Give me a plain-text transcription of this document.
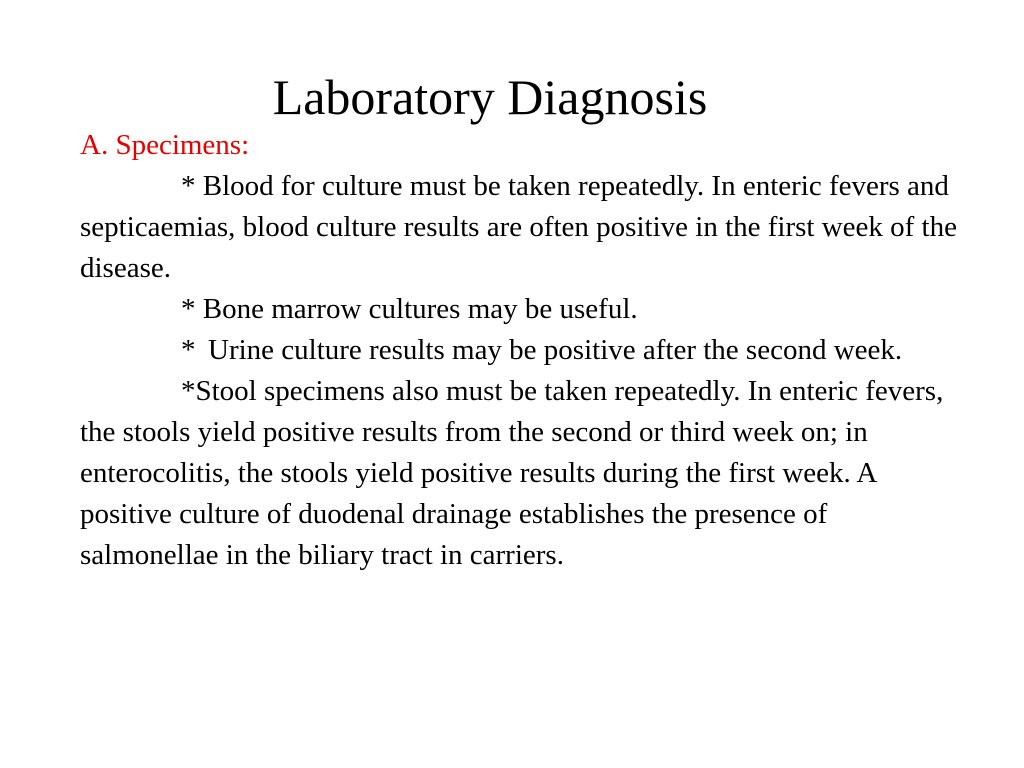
Laboratory Diagnosis

A. Specimens:

* Blood for culture must be taken repeatedly. In enteric fevers and septicaemias, blood culture results are often positive in the first week of the disease.

* Bone marrow cultures may be useful.

* Urine culture results may be positive after the second week.

*Stool specimens also must be taken repeatedly. In enteric fevers, the stools yield positive results from the second or third week on; in enterocolitis, the stools yield positive results during the first week. A positive culture of duodenal drainage establishes the presence of salmonellae in the biliary tract in carriers.
